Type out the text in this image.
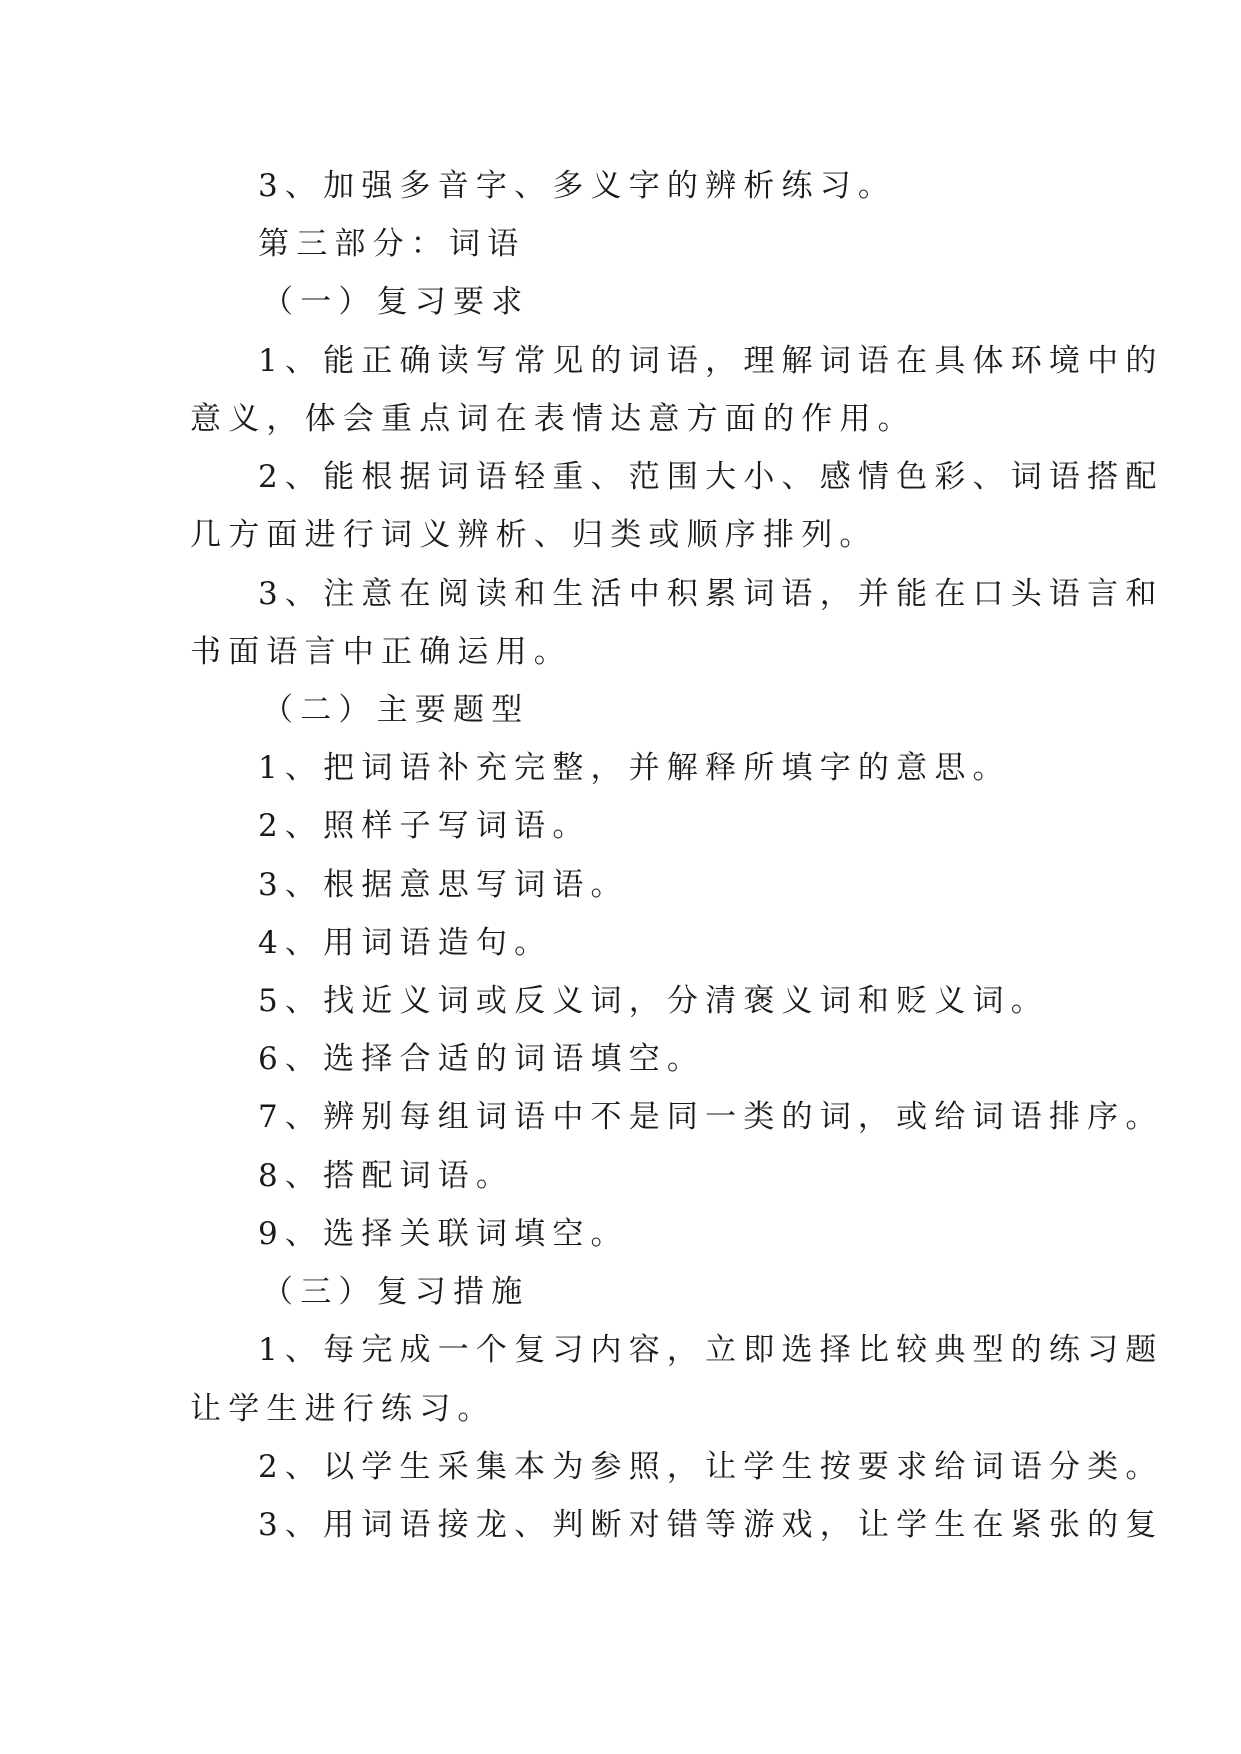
3、加强多音字、多义字的辨析练习。
第三部分：词语
（一）复习要求
1、能正确读写常见的词语，理解词语在具体环境中的
意义，体会重点词在表情达意方面的作用。
2、能根据词语轻重、范围大小、感情色彩、词语搭配
几方面进行词义辨析、归类或顺序排列。
3、注意在阅读和生活中积累词语，并能在口头语言和
书面语言中正确运用。
（二）主要题型
1、把词语补充完整，并解释所填字的意思。
2、照样子写词语。
3、根据意思写词语。
4、用词语造句。
5、找近义词或反义词，分清褒义词和贬义词。
6、选择合适的词语填空。
7、辨别每组词语中不是同一类的词，或给词语排序。
8、搭配词语。
9、选择关联词填空。
（三）复习措施
1、每完成一个复习内容，立即选择比较典型的练习题
让学生进行练习。
2、以学生采集本为参照，让学生按要求给词语分类。
3、用词语接龙、判断对错等游戏，让学生在紧张的复
